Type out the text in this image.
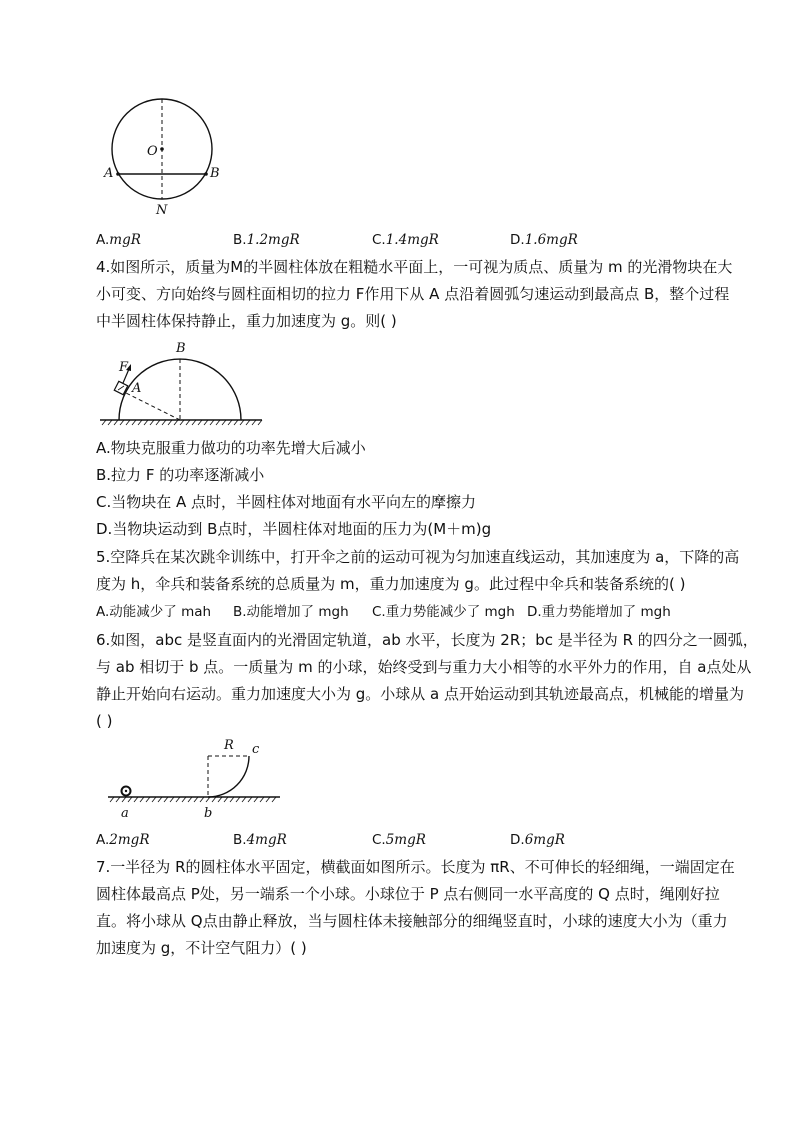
O
A	B
N
A.mgR	B.1.2mgR	C.1.4mgR	D.1.6mgR
4.如图所示，质量为M的半圆柱体放在粗糙水平面上，一可视为质点、质量为 m 的光滑物块在大
小可变、方向始终与圆柱面相切的拉力 F作用下从 A 点沿着圆弧匀速运动到最高点 B，整个过程
中半圆柱体保持静止，重力加速度为 g。则( )
F
A
B
A.物块克服重力做功的功率先增大后减小
B.拉力 F 的功率逐渐减小
C.当物块在 A 点时，半圆柱体对地面有水平向左的摩擦力
D.当物块运动到 B点时，半圆柱体对地面的压力为(M＋m)g
5.空降兵在某次跳伞训练中，打开伞之前的运动可视为匀加速直线运动，其加速度为 a，下降的高
度为 h，伞兵和装备系统的总质量为 m，重力加速度为 g。此过程中伞兵和装备系统的( )
A.动能减少了 mah B.动能增加了 mgh C.重力势能减少了 mgh D.重力势能增加了 mgh
6.如图，abc 是竖直面内的光滑固定轨道，ab 水平，长度为 2R；bc 是半径为 R 的四分之一圆弧，
与 ab 相切于 b 点。一质量为 m 的小球，始终受到与重力大小相等的水平外力的作用，自 a点处从
静止开始向右运动。重力加速度大小为 g。小球从 a 点开始运动到其轨迹最高点，机械能的增量为
( )
R c
a	b
A.2mgR	B.4mgR	C.5mgR	D.6mgR
7.一半径为 R的圆柱体水平固定，横截面如图所示。长度为 πR、不可伸长的轻细绳，一端固定在
圆柱体最高点 P处，另一端系一个小球。小球位于 P 点右侧同一水平高度的 Q 点时，绳刚好拉
直。将小球从 Q点由静止释放，当与圆柱体未接触部分的细绳竖直时，小球的速度大小为（重力
加速度为 g，不计空气阻力）( )
